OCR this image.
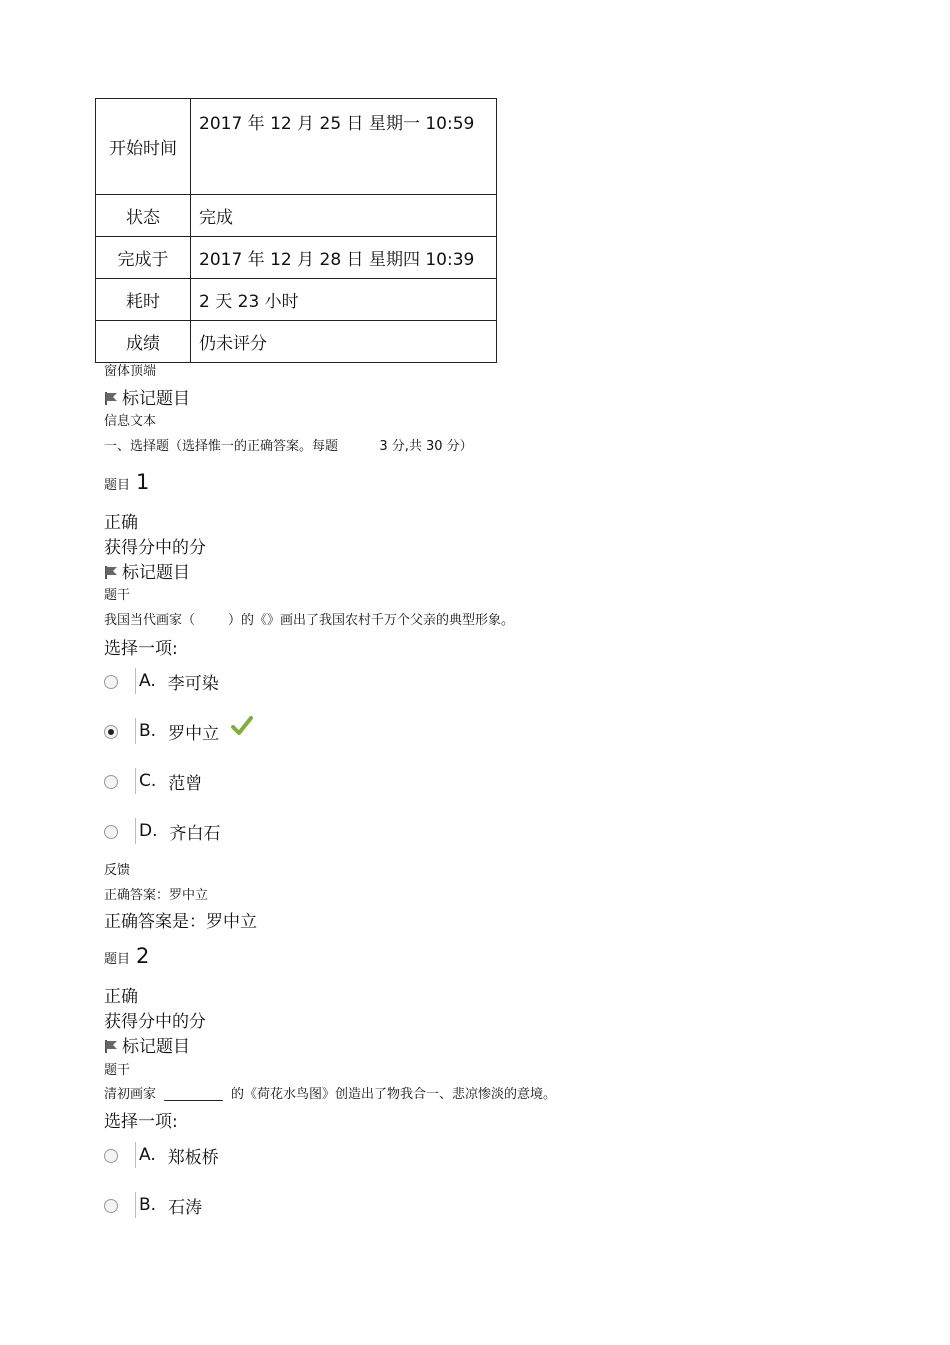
开始时间	2017 年 12 月 25 日 星期一 10:59
状态	完成
完成于	2017 年 12 月 28 日 星期四 10:39
耗时	2 天 23 小时
成绩	仍未评分
窗体顶端
标记题目
信息文本
一、选择题（选择惟一的正确答案。每题          3 分,共 30 分）
题目 1
正确
获得分中的分
标记题目
题干
我国当代画家（        ）的《》画出了我国农村千万个父亲的典型形象。
选择一项:
A. 李可染
B. 罗中立
C. 范曾
D. 齐白石
反馈
正确答案：罗中立
正确答案是：罗中立
题目 2
正确
获得分中的分
标记题目
题干
清初画家  _________  的《荷花水鸟图》创造出了物我合一、悲凉惨淡的意境。
选择一项:
A. 郑板桥
B. 石涛
